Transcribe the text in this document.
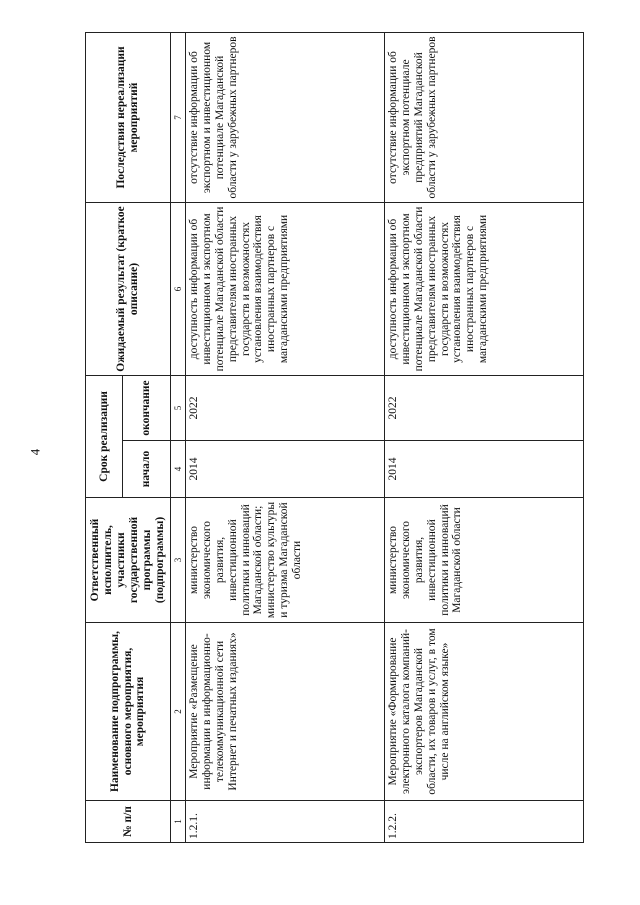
4
№ п/п	Наименование подпрограммы, основного мероприятия, мероприятия	Ответственный исполнитель, участники государственной программы (подпрограммы)	Срок реализации		Ожидаемый результат (краткое описание)	Последствия нереализации мероприятий
			начало	окончание		
1	2	3	4	5	6	7
1.2.1.	Мероприятие «Размещение информации в информационно-телекоммуникационной сети Интернет и печатных изданиях»	министерство экономического развития, инвестиционной политики и инноваций Магаданской области; министерство культуры и туризма Магаданской области	2014	2022	доступность информации об инвестиционном и экспортном потенциале Магаданской области представителям иностранных государств и возможностях установления взаимодействия иностранных партнеров с магаданскими предприятиями	отсутствие информации об экспортном и инвестиционном потенциале Магаданской области у зарубежных партнеров
1.2.2.	Мероприятие «Формирование электронного каталога компаний-экспортеров Магаданской области, их товаров и услуг, в том числе на английском языке»	министерство экономического развития, инвестиционной политики и инноваций Магаданской области	2014	2022	доступность информации об инвестиционном и экспортном потенциале Магаданской области представителям иностранных государств и возможностях установления взаимодействия иностранных партнеров с магаданскими предприятиями	отсутствие информации об экспортном потенциале предприятий Магаданской области у зарубежных партнеров
